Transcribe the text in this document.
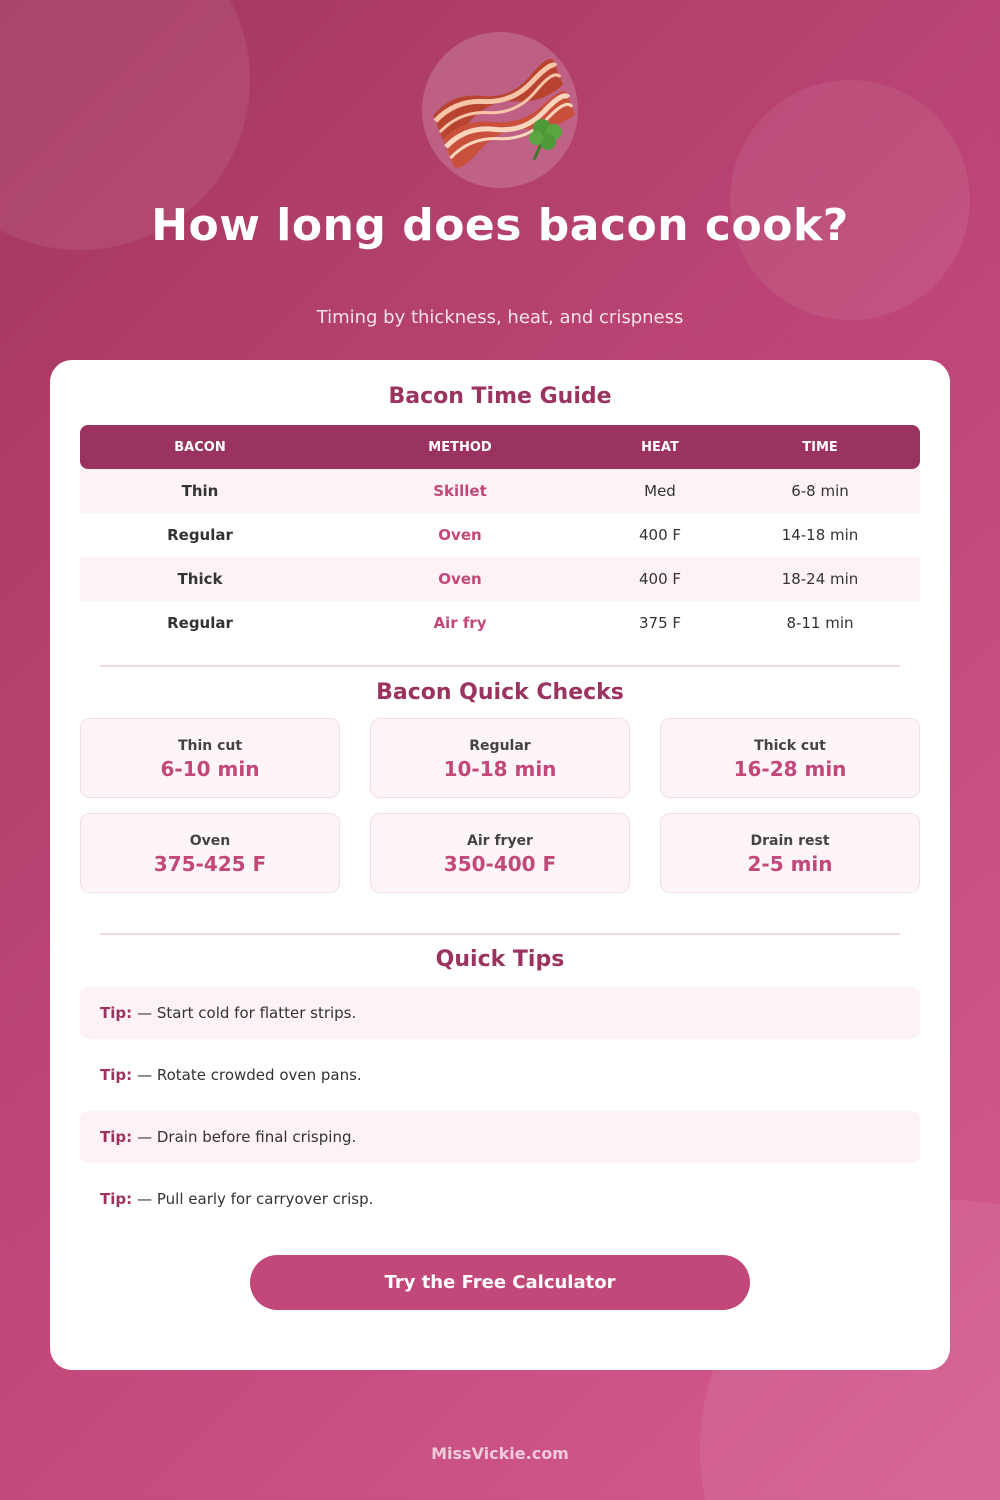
How long does bacon cook?
Timing by thickness, heat, and crispness
Bacon Time Guide
BACON	METHOD	HEAT	TIME
Thin	Skillet	Med	6-8 min
Regular	Oven	400 F	14-18 min
Thick	Oven	400 F	18-24 min
Regular	Air fry	375 F	8-11 min
Bacon Quick Checks
Thin cut
6-10 min
Regular
10-18 min
Thick cut
16-28 min
Oven
375-425 F
Air fryer
350-400 F
Drain rest
2-5 min
Quick Tips
Tip: — Start cold for flatter strips.
Tip: — Rotate crowded oven pans.
Tip: — Drain before final crisping.
Tip: — Pull early for carryover crisp.
Try the Free Calculator
MissVickie.com
